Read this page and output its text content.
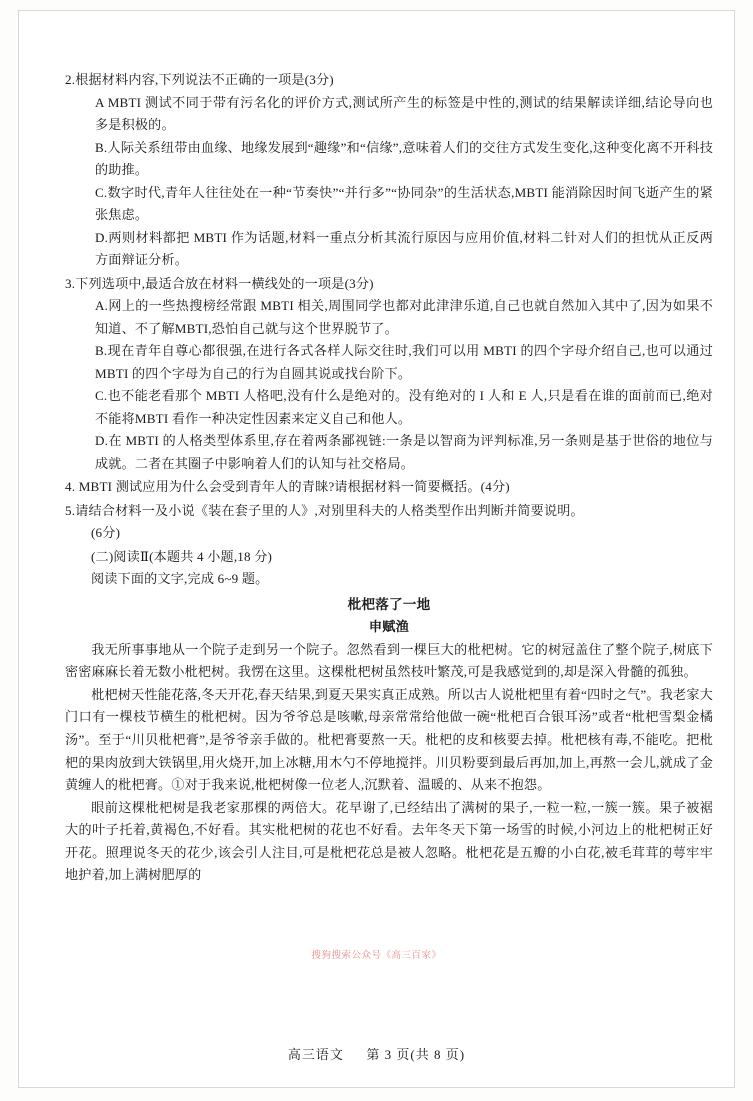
2.根据材料内容,下列说法不正确的一项是(3分)

A MBTI 测试不同于带有污名化的评价方式,测试所产生的标签是中性的,测试的结果解读详细,结论导向也多是积极的。

B.人际关系纽带由血缘、地缘发展到“趣缘”和“信缘”,意味着人们的交往方式发生变化,这种变化离不开科技的助推。

C.数字时代,青年人往往处在一种“节奏快”“并行多”“协同杂”的生活状态,MBTI 能消除因时间飞逝产生的紧张焦虑。

D.两则材料都把 MBTI 作为话题,材料一重点分析其流行原因与应用价值,材料二针对人们的担忧从正反两方面辩证分析。

3.下列选项中,最适合放在材料一横线处的一项是(3分)

A.网上的一些热搜榜经常跟 MBTI 相关,周围同学也都对此津津乐道,自己也就自然加入其中了,因为如果不知道、不了解MBTI,恐怕自己就与这个世界脱节了。

B.现在青年自尊心都很强,在进行各式各样人际交往时,我们可以用 MBTI 的四个字母介绍自己,也可以通过 MBTI 的四个字母为自己的行为自圆其说或找台阶下。

C.也不能老看那个 MBTI 人格吧,没有什么是绝对的。没有绝对的 I 人和 E 人,只是看在谁的面前而已,绝对不能将MBTI 看作一种决定性因素来定义自己和他人。

D.在 MBTI 的人格类型体系里,存在着两条鄙视链:一条是以智商为评判标准,另一条则是基于世俗的地位与成就。二者在其圈子中影响着人们的认知与社交格局。

4. MBTI 测试应用为什么会受到青年人的青睐?请根据材料一简要概括。(4分)

5.请结合材料一及小说《装在套子里的人》,对别里科夫的人格类型作出判断并简要说明。

(6分)

(二)阅读Ⅱ(本题共 4 小题,18 分)

阅读下面的文字,完成 6~9 题。

枇杷落了一地

申赋渔

我无所事事地从一个院子走到另一个院子。忽然看到一棵巨大的枇杷树。它的树冠盖住了整个院子,树底下密密麻麻长着无数小枇杷树。我愣在这里。这棵枇杷树虽然枝叶繁茂,可是我感觉到的,却是深入骨髓的孤独。

枇杷树天性能花落,冬天开花,春天结果,到夏天果实真正成熟。所以古人说枇杷里有着“四时之气”。我老家大门口有一棵枝节横生的枇杷树。因为爷爷总是咳嗽,母亲常常给他做一碗“枇杷百合银耳汤”或者“枇杷雪梨金橘汤”。至于“川贝枇杷膏”,是爷爷亲手做的。枇杷膏要熬一天。枇杷的皮和核要去掉。枇杷核有毒,不能吃。把枇杷的果肉放到大铁锅里,用火烧开,加上冰糖,用木勺不停地搅拌。川贝粉要到最后再加,加上,再熬一会儿,就成了金黄缠人的枇杷膏。①对于我来说,枇杷树像一位老人,沉默着、温暖的、从来不抱怨。

眼前这棵枇杷树是我老家那棵的两倍大。花早谢了,已经结出了满树的果子,一粒一粒,一簇一簇。果子被裾大的叶子托着,黄褐色,不好看。其实枇杷树的花也不好看。去年冬天下第一场雪的时候,小河边上的枇杷树正好开花。照理说冬天的花少,该会引人注目,可是枇杷花总是被人忽略。枇杷花是五瓣的小白花,被毛茸茸的萼牢牢地护着,加上满树肥厚的

搜狗搜索公众号《高三百家》
高三语文 第 3 页(共 8 页)
